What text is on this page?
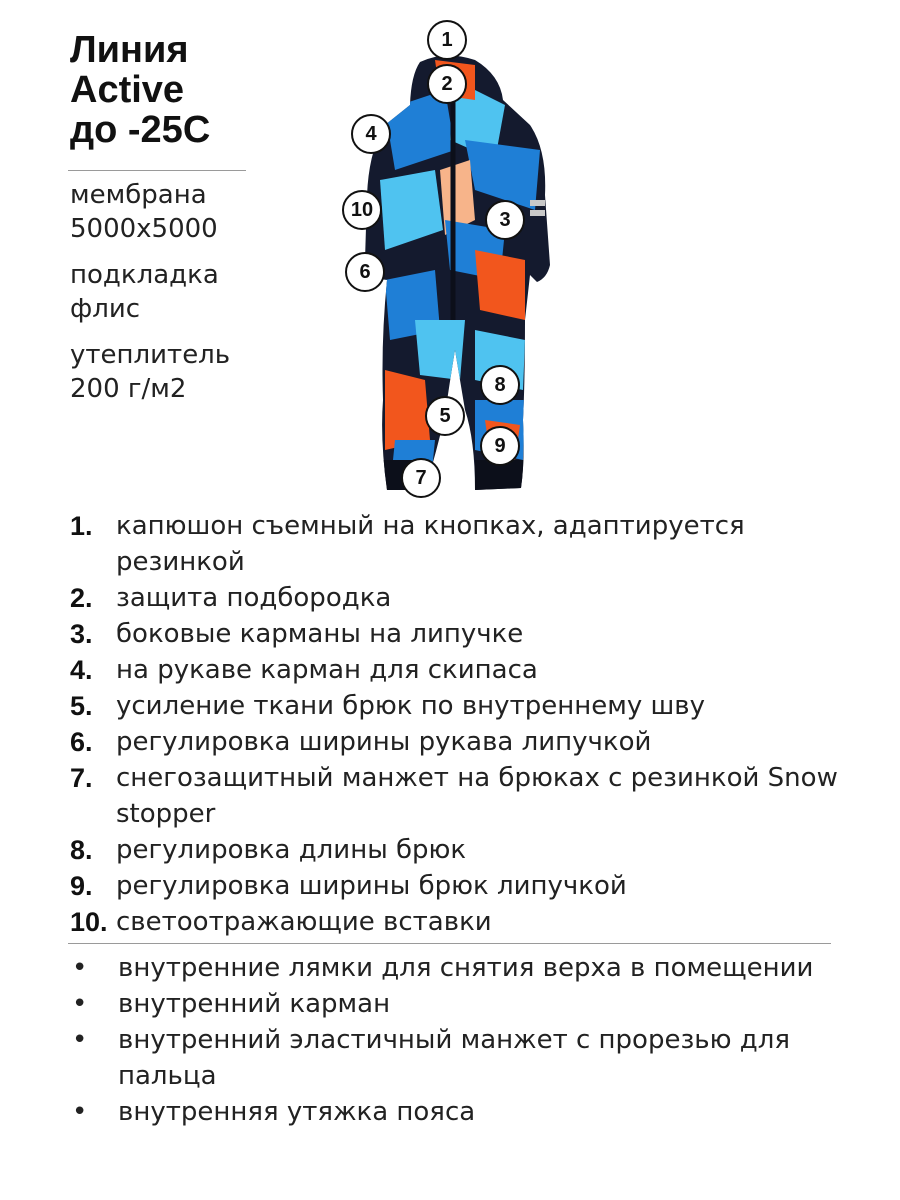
Линия
Active
до -25С
мембрана
5000х5000
подкладка
флис
утеплитель
200 г/м2
1
2
4
10	3
6
8
5
9
7
1. капюшон съемный на кнопках, адаптируется резинкой
2. защита подбородка
3. боковые карманы на липучке
4. на рукаве карман для скипаса
5. усиление ткани брюк по внутреннему шву
6. регулировка ширины рукава липучкой
7. снегозащитный манжет на брюках с резинкой Snow stopper
8. регулировка длины брюк
9. регулировка ширины брюк липучкой
10. светоотражающие вставки
•	внутренние лямки для снятия верха в помещении
•	внутренний карман
•	внутренний эластичный манжет с прорезью для пальца
•	внутренняя утяжка пояса
